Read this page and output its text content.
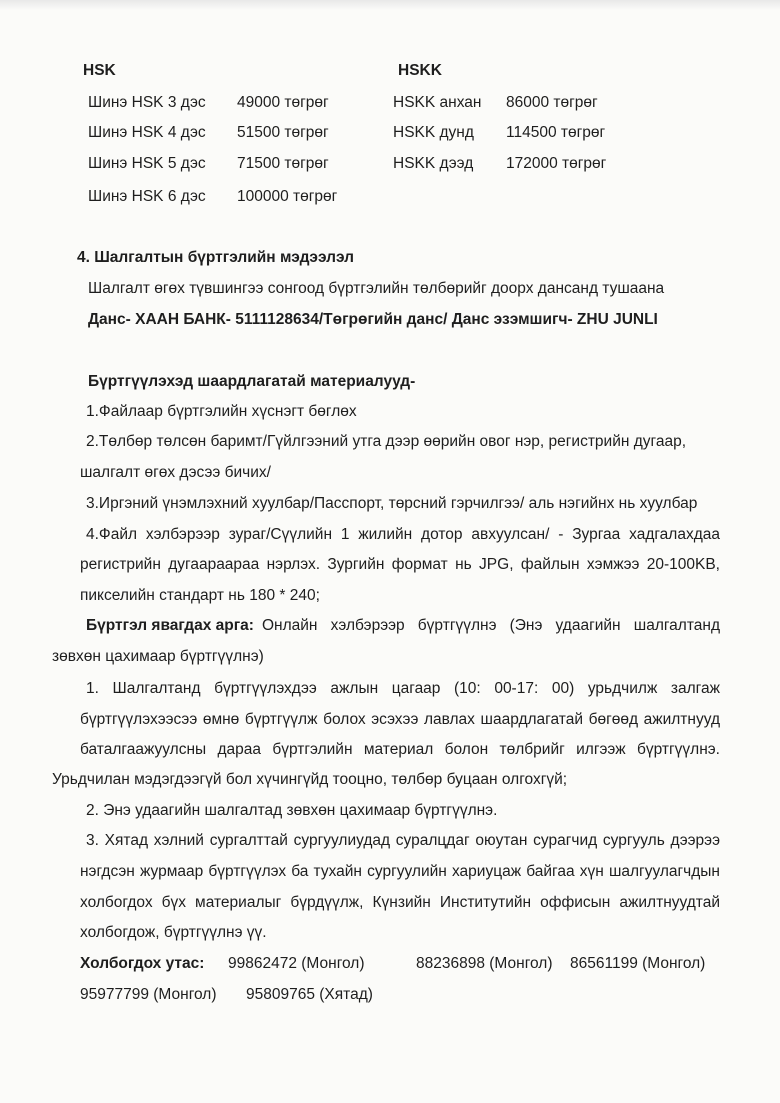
HSK
Шинэ HSK 3 дэс 49000 төгрөг
Шинэ HSK 4 дэс 51500 төгрөг
Шинэ HSK 5 дэс 71500 төгрөг
Шинэ HSK 6 дэс 100000 төгрөг
HSKK
HSKK анхан 86000 төгрөг
HSKK дунд 114500 төгрөг
HSKK дээд 172000 төгрөг
4. Шалгалтын бүртгэлийн мэдээлэл
Шалгалт өгөх түвшингээ сонгоод бүртгэлийн төлбөрийг доорх дансанд тушаана
Данс- ХААН БАНК- 5111128634/Төгрөгийн данс/ Данс эзэмшигч- ZHU JUNLI
Бүртгүүлэхэд шаардлагатай материалууд-
1.Файлаар бүртгэлийн хүснэгт бөглөх
2.Төлбөр төлсөн баримт/Гүйлгээний утга дээр өөрийн овог нэр, регистрийн дугаар,
шалгалт өгөх дэсээ бичих/
3.Иргэний үнэмлэхний хуулбар/Пасспорт, төрсний гэрчилгээ/ аль нэгийнх нь хуулбар
4.Файл хэлбэрээр зураг/Сүүлийн 1 жилийн дотор авхуулсан/ - Зургаа хадгалахдаа
регистрийн дугаараараа нэрлэх. Зургийн формат нь JPG, файлын хэмжээ 20-100KB,
пикселийн стандарт нь 180 * 240;
Бүртгэл явагдах арга: Онлайн хэлбэрээр бүртгүүлнэ (Энэ удаагийн шалгалтанд
зөвхөн цахимаар бүртгүүлнэ)
1. Шалгалтанд бүртгүүлэхдээ ажлын цагаар (10: 00-17: 00) урьдчилж залгаж
бүртгүүлэхээсээ өмнө бүртгүүлж болох эсэхээ лавлах шаардлагатай бөгөөд ажилтнууд
баталгаажуулсны дараа бүртгэлийн материал болон төлбрийг илгээж бүртгүүлнэ.
Урьдчилан мэдэгдээгүй бол хүчингүйд тооцно, төлбөр буцаан олгохгүй;
2. Энэ удаагийн шалгалтад зөвхөн цахимаар бүртгүүлнэ.
3. Хятад хэлний сургалттай сургуулиудад суралцдаг оюутан сурагчид сургууль дээрээ
нэгдсэн журмаар бүртгүүлэх ба тухайн сургуулийн хариуцаж байгаа хүн шалгуулагчдын
холбогдох бүх материалыг бүрдүүлж, Күнзийн Институтийн оффисын ажилтнуудтай
холбогдож, бүртгүүлнэ үү.
Холбогдох утас: 99862472 (Монгол)	88236898 (Монгол) 86561199 (Монгол)
95977799 (Монгол) 95809765 (Хятад)
